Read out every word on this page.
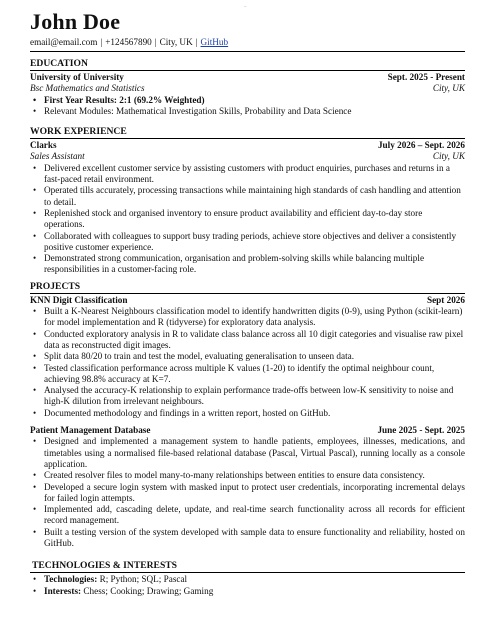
–
John Doe
email@email.com | +124567890 | City, UK | GitHub
EDUCATION
University of University	Sept. 2025 - Present
Bsc Mathematics and Statistics	City, UK
• First Year Results: 2:1 (69.2% Weighted)
• Relevant Modules: Mathematical Investigation Skills, Probability and Data Science
WORK EXPERIENCE
Clarks	July 2026 – Sept. 2026
Sales Assistant	City, UK
• Delivered excellent customer service by assisting customers with product enquiries, purchases and returns in a fast-paced retail environment.
• Operated tills accurately, processing transactions while maintaining high standards of cash handling and attention to detail.
• Replenished stock and organised inventory to ensure product availability and efficient day-to-day store operations.
• Collaborated with colleagues to support busy trading periods, achieve store objectives and deliver a consistently positive customer experience.
• Demonstrated strong communication, organisation and problem-solving skills while balancing multiple responsibilities in a customer-facing role.
PROJECTS
KNN Digit Classification	Sept 2026
• Built a K-Nearest Neighbours classification model to identify handwritten digits (0-9), using Python (scikit-learn) for model implementation and R (tidyverse) for exploratory data analysis.
• Conducted exploratory analysis in R to validate class balance across all 10 digit categories and visualise raw pixel data as reconstructed digit images.
• Split data 80/20 to train and test the model, evaluating generalisation to unseen data.
• Tested classification performance across multiple K values (1-20) to identify the optimal neighbour count, achieving 98.8% accuracy at K=7.
• Analysed the accuracy-K relationship to explain performance trade-offs between low-K sensitivity to noise and high-K dilution from irrelevant neighbours.
• Documented methodology and findings in a written report, hosted on GitHub.
Patient Management Database	June 2025 - Sept. 2025
• Designed and implemented a management system to handle patients, employees, illnesses, medications, and timetables using a normalised file-based relational database (Pascal, Virtual Pascal), running locally as a console application.
• Created resolver files to model many-to-many relationships between entities to ensure data consistency.
• Developed a secure login system with masked input to protect user credentials, incorporating incremental delays for failed login attempts.
• Implemented add, cascading delete, update, and real-time search functionality across all records for efficient record management.
• Built a testing version of the system developed with sample data to ensure functionality and reliability, hosted on GitHub.
TECHNOLOGIES & INTERESTS
• Technologies: R; Python; SQL; Pascal
• Interests: Chess; Cooking; Drawing; Gaming
